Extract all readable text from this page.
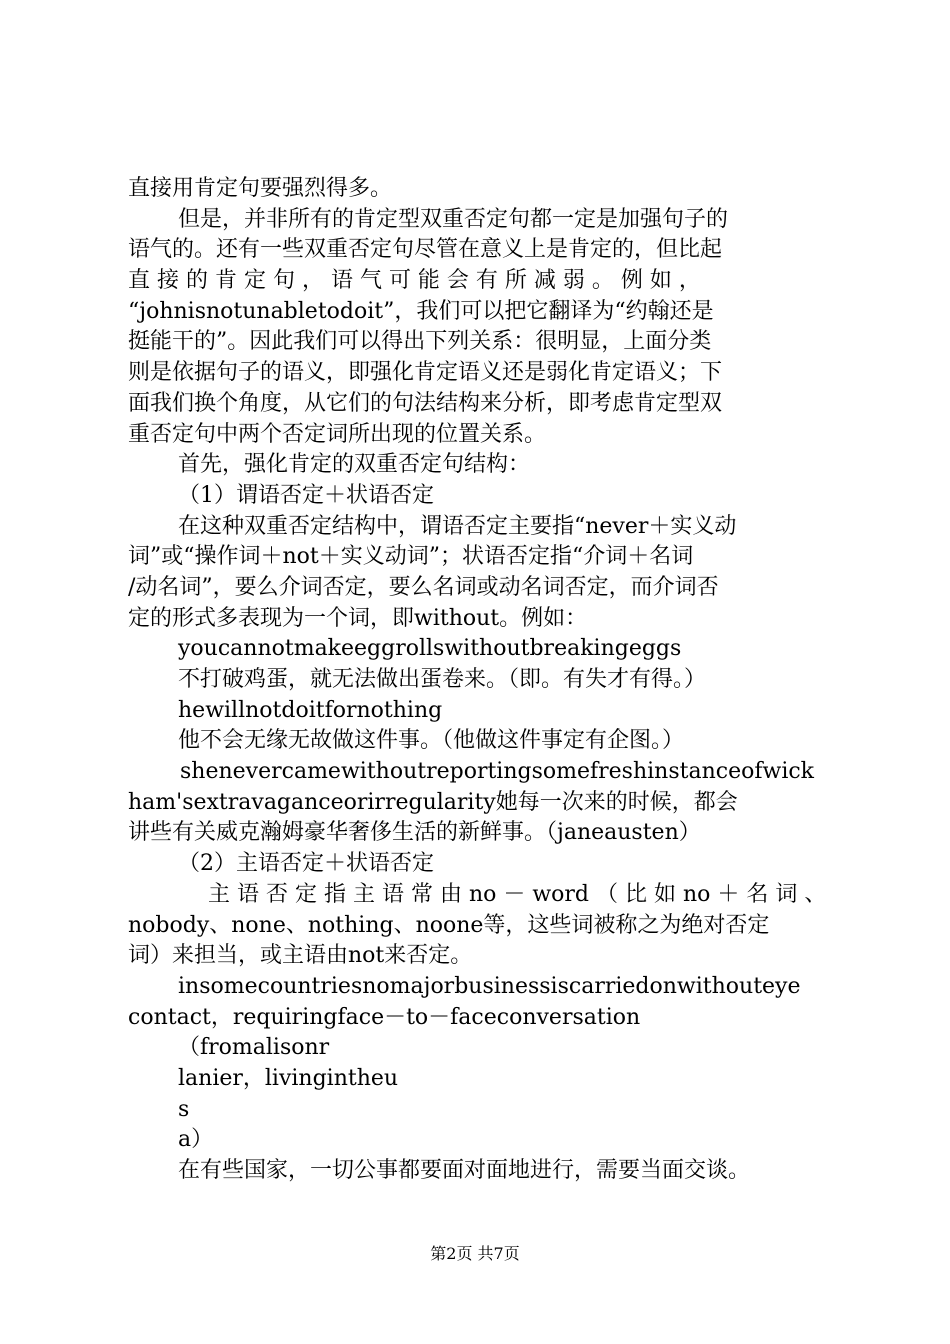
直接用肯定句要强烈得多。
但是，并非所有的肯定型双重否定句都一定是加强句子的
语气的。还有一些双重否定句尽管在意义上是肯定的，但比起
直 接 的 肯 定 句 ， 语 气 可 能 会 有 所 减 弱 。 例 如 ，
“johnisnotunabletodoit”，我们可以把它翻译为“约翰还是
挺能干的”。因此我们可以得出下列关系：很明显，上面分类
则是依据句子的语义，即强化肯定语义还是弱化肯定语义；下
面我们换个角度，从它们的句法结构来分析，即考虑肯定型双
重否定句中两个否定词所出现的位置关系。
首先，强化肯定的双重否定句结构：
（1）谓语否定＋状语否定
在这种双重否定结构中，谓语否定主要指“never＋实义动
词”或“操作词＋not＋实义动词”；状语否定指“介词＋名词
/动名词”，要么介词否定，要么名词或动名词否定，而介词否
定的形式多表现为一个词，即without。例如：
youcannotmakeeggrollswithoutbreakingeggs
不打破鸡蛋，就无法做出蛋卷来。（即。有失才有得。）
hewillnotdoitfornothing
他不会无缘无故做这件事。（他做这件事定有企图。）
shenevercamewithoutreportingsomefreshinstanceofwick
ham'sextravaganceorirregularity她每一次来的时候，都会
讲些有关威克瀚姆豪华奢侈生活的新鲜事。（janeausten）
（2）主语否定＋状语否定
主 语 否 定 指 主 语 常 由 no － word （ 比 如 no ＋ 名 词 、
nobody、none、nothing、noone等，这些词被称之为绝对否定
词）来担当，或主语由not来否定。
insomecountriesnomajorbusinessiscarriedonwithouteye
contact，requiringface－to－faceconversation
（fromalisonr
lanier，livingintheu
s
a）
在有些国家，一切公事都要面对面地进行，需要当面交谈。
第2页 共7页
